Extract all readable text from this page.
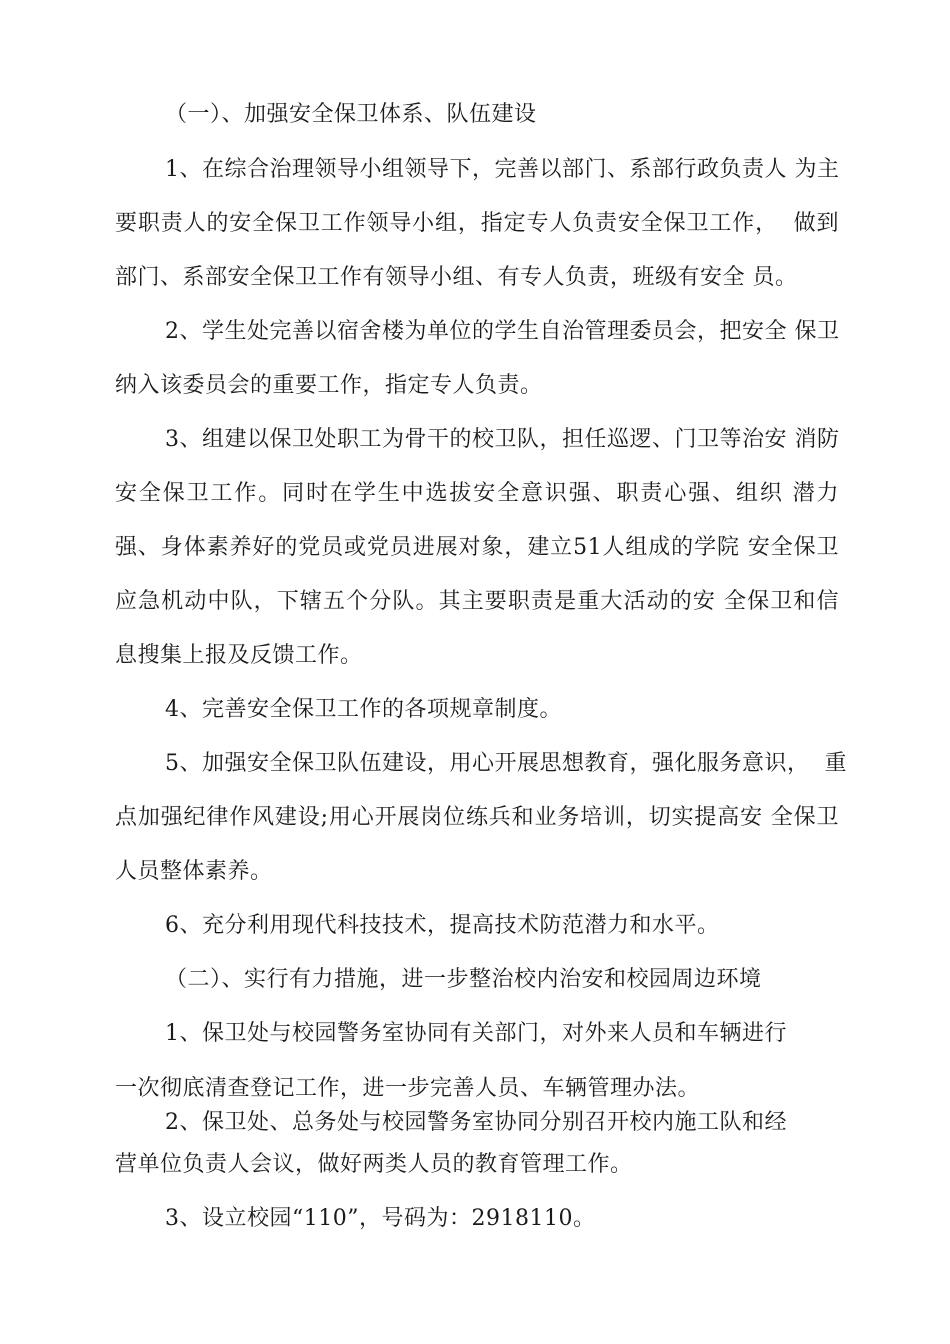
（一）、加强安全保卫体系、队伍建设
1、在综合治理领导小组领导下，完善以部门、系部行政负责人 为主
要职责人的安全保卫工作领导小组，指定专人负责安全保卫工作，  做到
部门、系部安全保卫工作有领导小组、有专人负责，班级有安全 员。
2、学生处完善以宿舍楼为单位的学生自治管理委员会，把安全 保卫
纳入该委员会的重要工作，指定专人负责。
3、组建以保卫处职工为骨干的校卫队，担任巡逻、门卫等治安 消防
安全保卫工作。同时在学生中选拔安全意识强、职责心强、组织 潜力
强、身体素养好的党员或党员进展对象，建立51人组成的学院 安全保卫
应急机动中队，下辖五个分队。其主要职责是重大活动的安 全保卫和信
息搜集上报及反馈工作。
4、完善安全保卫工作的各项规章制度。
5、加强安全保卫队伍建设，用心开展思想教育，强化服务意识，  重
点加强纪律作风建设;用心开展岗位练兵和业务培训，切实提高安 全保卫
人员整体素养。
6、充分利用现代科技技术，提高技术防范潜力和水平。
（二）、实行有力措施，进一步整治校内治安和校园周边环境
1、保卫处与校园警务室协同有关部门，对外来人员和车辆进行
一次彻底清查登记工作，进一步完善人员、车辆管理办法。
2、保卫处、总务处与校园警务室协同分别召开校内施工队和经
营单位负责人会议，做好两类人员的教育管理工作。
3、设立校园“110”，号码为：2918110。
